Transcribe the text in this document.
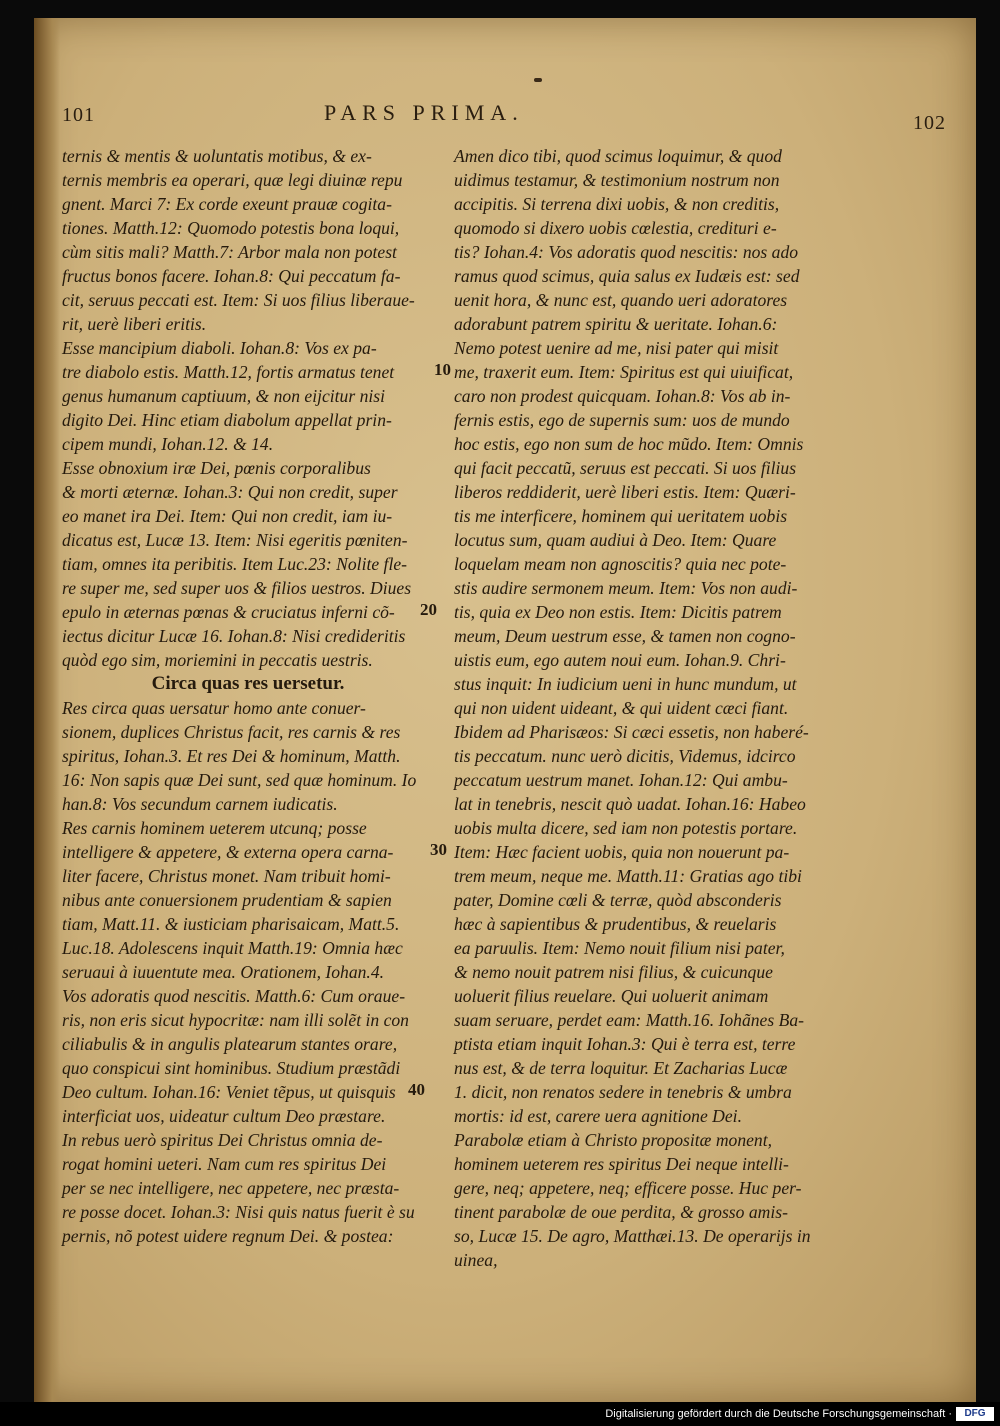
101	PARS PRIMA.	102
ternis & mentis & uoluntatis motibus, & ex-
ternis membris ea operari, quæ legi diuinæ repu
gnent. Marci 7: Ex corde exeunt prauæ cogita-
tiones. Matth.12: Quomodo potestis bona loqui,
cùm sitis mali? Matth.7: Arbor mala non potest
fructus bonos facere. Iohan.8: Qui peccatum fa-
cit, seruus peccati est. Item: Si uos filius liberaue-
rit, uerè liberi eritis.
Esse mancipium diaboli. Iohan.8: Vos ex pa-
tre diabolo estis. Matth.12, fortis armatus tenet
genus humanum captiuum, & non eijcitur nisi
digito Dei. Hinc etiam diabolum appellat prin-
cipem mundi, Iohan.12. & 14.
Esse obnoxium iræ Dei, pœnis corporalibus
& morti æternæ. Iohan.3: Qui non credit, super
eo manet ira Dei. Item: Qui non credit, iam iu-
dicatus est, Lucæ 13. Item: Nisi egeritis pœniten-
tiam, omnes ita peribitis. Item Luc.23: Nolite fle-
re super me, sed super uos & filios uestros. Diues
epulo in æternas pœnas & cruciatus inferni cõ-
iectus dicitur Lucæ 16. Iohan.8: Nisi credideritis
quòd ego sim, moriemini in peccatis uestris.
Circa quas res uersetur.
Res circa quas uersatur homo ante conuer-
sionem, duplices Christus facit, res carnis & res
spiritus, Iohan.3. Et res Dei & hominum, Matth.
16: Non sapis quæ Dei sunt, sed quæ hominum. Io
han.8: Vos secundum carnem iudicatis.
Res carnis hominem ueterem utcunq; posse
intelligere & appetere, & externa opera carna-
liter facere, Christus monet. Nam tribuit homi-
nibus ante conuersionem prudentiam & sapien
tiam, Matt.11. & iusticiam pharisaicam, Matt.5.
Luc.18. Adolescens inquit Matth.19: Omnia hæc
seruaui à iuuentute mea. Orationem, Iohan.4.
Vos adoratis quod nescitis. Matth.6: Cum oraue-
ris, non eris sicut hypocritæ: nam illi solẽt in con
ciliabulis & in angulis platearum stantes orare,
quo conspicui sint hominibus. Studium præstãdi
Deo cultum. Iohan.16: Veniet tẽpus, ut quisquis
interficiat uos, uideatur cultum Deo præstare.
In rebus uerò spiritus Dei Christus omnia de-
rogat homini ueteri. Nam cum res spiritus Dei
per se nec intelligere, nec appetere, nec præsta-
re posse docet. Iohan.3: Nisi quis natus fuerit è su
pernis, nõ potest uidere regnum Dei. & postea:
10
20
30
40
Amen dico tibi, quod scimus loquimur, & quod
uidimus testamur, & testimonium nostrum non
accipitis. Si terrena dixi uobis, & non creditis,
quomodo si dixero uobis cœlestia, credituri e-
tis? Iohan.4: Vos adoratis quod nescitis: nos ado
ramus quod scimus, quia salus ex Iudæis est: sed
uenit hora, & nunc est, quando ueri adoratores
adorabunt patrem spiritu & ueritate. Iohan.6:
Nemo potest uenire ad me, nisi pater qui misit
me, traxerit eum. Item: Spiritus est qui uiuificat,
caro non prodest quicquam. Iohan.8: Vos ab in-
fernis estis, ego de supernis sum: uos de mundo
hoc estis, ego non sum de hoc mũdo. Item: Omnis
qui facit peccatũ, seruus est peccati. Si uos filius
liberos reddiderit, uerè liberi estis. Item: Quæri-
tis me interficere, hominem qui ueritatem uobis
locutus sum, quam audiui à Deo. Item: Quare
loquelam meam non agnoscitis? quia nec pote-
stis audire sermonem meum. Item: Vos non audi-
tis, quia ex Deo non estis. Item: Dicitis patrem
meum, Deum uestrum esse, & tamen non cogno-
uistis eum, ego autem noui eum. Iohan.9. Chri-
stus inquit: In iudicium ueni in hunc mundum, ut
qui non uident uideant, & qui uident cæci fiant.
Ibidem ad Pharisæos: Si cæci essetis, non haberé-
tis peccatum. nunc uerò dicitis, Videmus, idcirco
peccatum uestrum manet. Iohan.12: Qui ambu-
lat in tenebris, nescit quò uadat. Iohan.16: Habeo
uobis multa dicere, sed iam non potestis portare.
Item: Hæc facient uobis, quia non nouerunt pa-
trem meum, neque me. Matth.11: Gratias ago tibi
pater, Domine cœli & terræ, quòd absconderis
hæc à sapientibus & prudentibus, & reuelaris
ea paruulis. Item: Nemo nouit filium nisi pater,
& nemo nouit patrem nisi filius, & cuicunque
uoluerit filius reuelare. Qui uoluerit animam
suam seruare, perdet eam: Matth.16. Iohãnes Ba-
ptista etiam inquit Iohan.3: Qui è terra est, terre
nus est, & de terra loquitur. Et Zacharias Lucæ
1. dicit, non renatos sedere in tenebris & umbra
mortis: id est, carere uera agnitione Dei.
Parabolæ etiam à Christo propositæ monent,
hominem ueterem res spiritus Dei neque intelli-
gere, neq; appetere, neq; efficere posse. Huc per-
tinent parabolæ de oue perdita, & grosso amis-
so, Lucæ 15. De agro, Matthæi.13. De operarijs in
uinea,
Digitalisierung gefördert durch die Deutsche Forschungsgemeinschaft ·	DFG
